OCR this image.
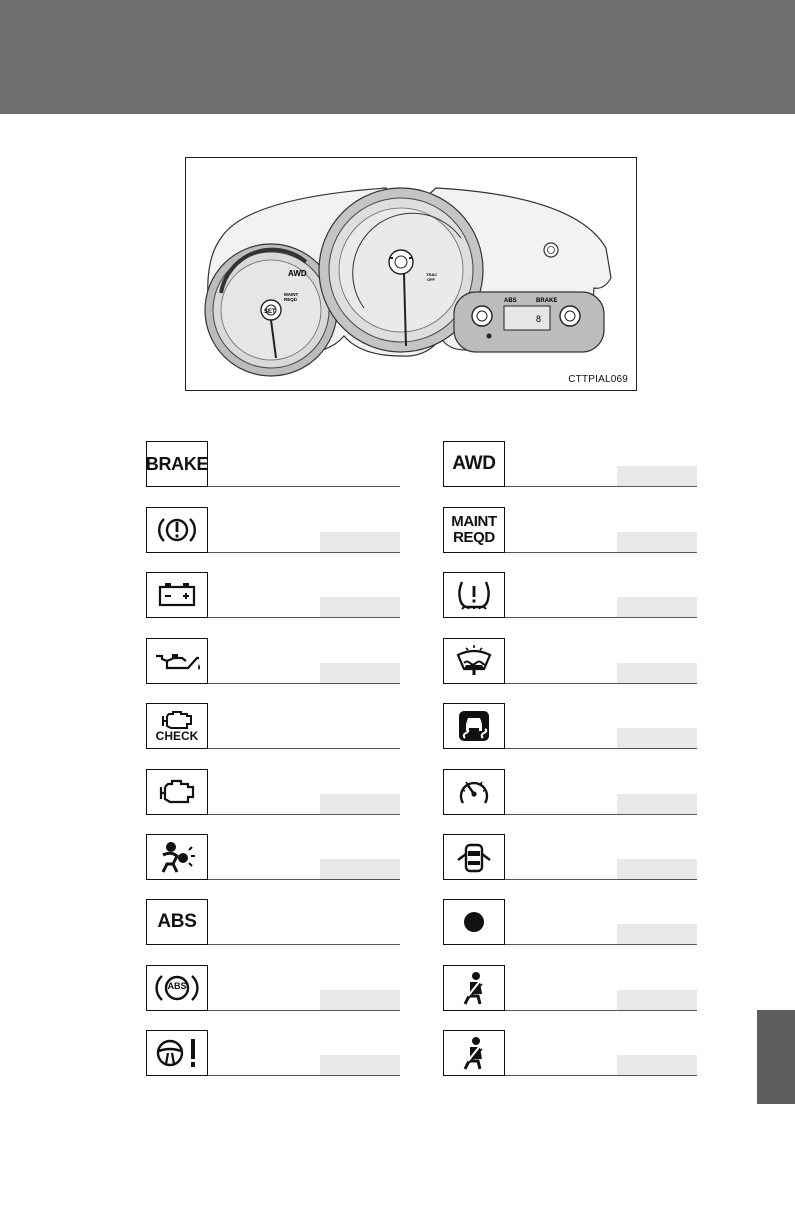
AWD
MAINT
REQD
SET
TRAC
OFF
8
ABS	BRAKE
CTTPIAL069
BRAKE
CHECK
ABS
ABS
AWD
MAINT
REQD
